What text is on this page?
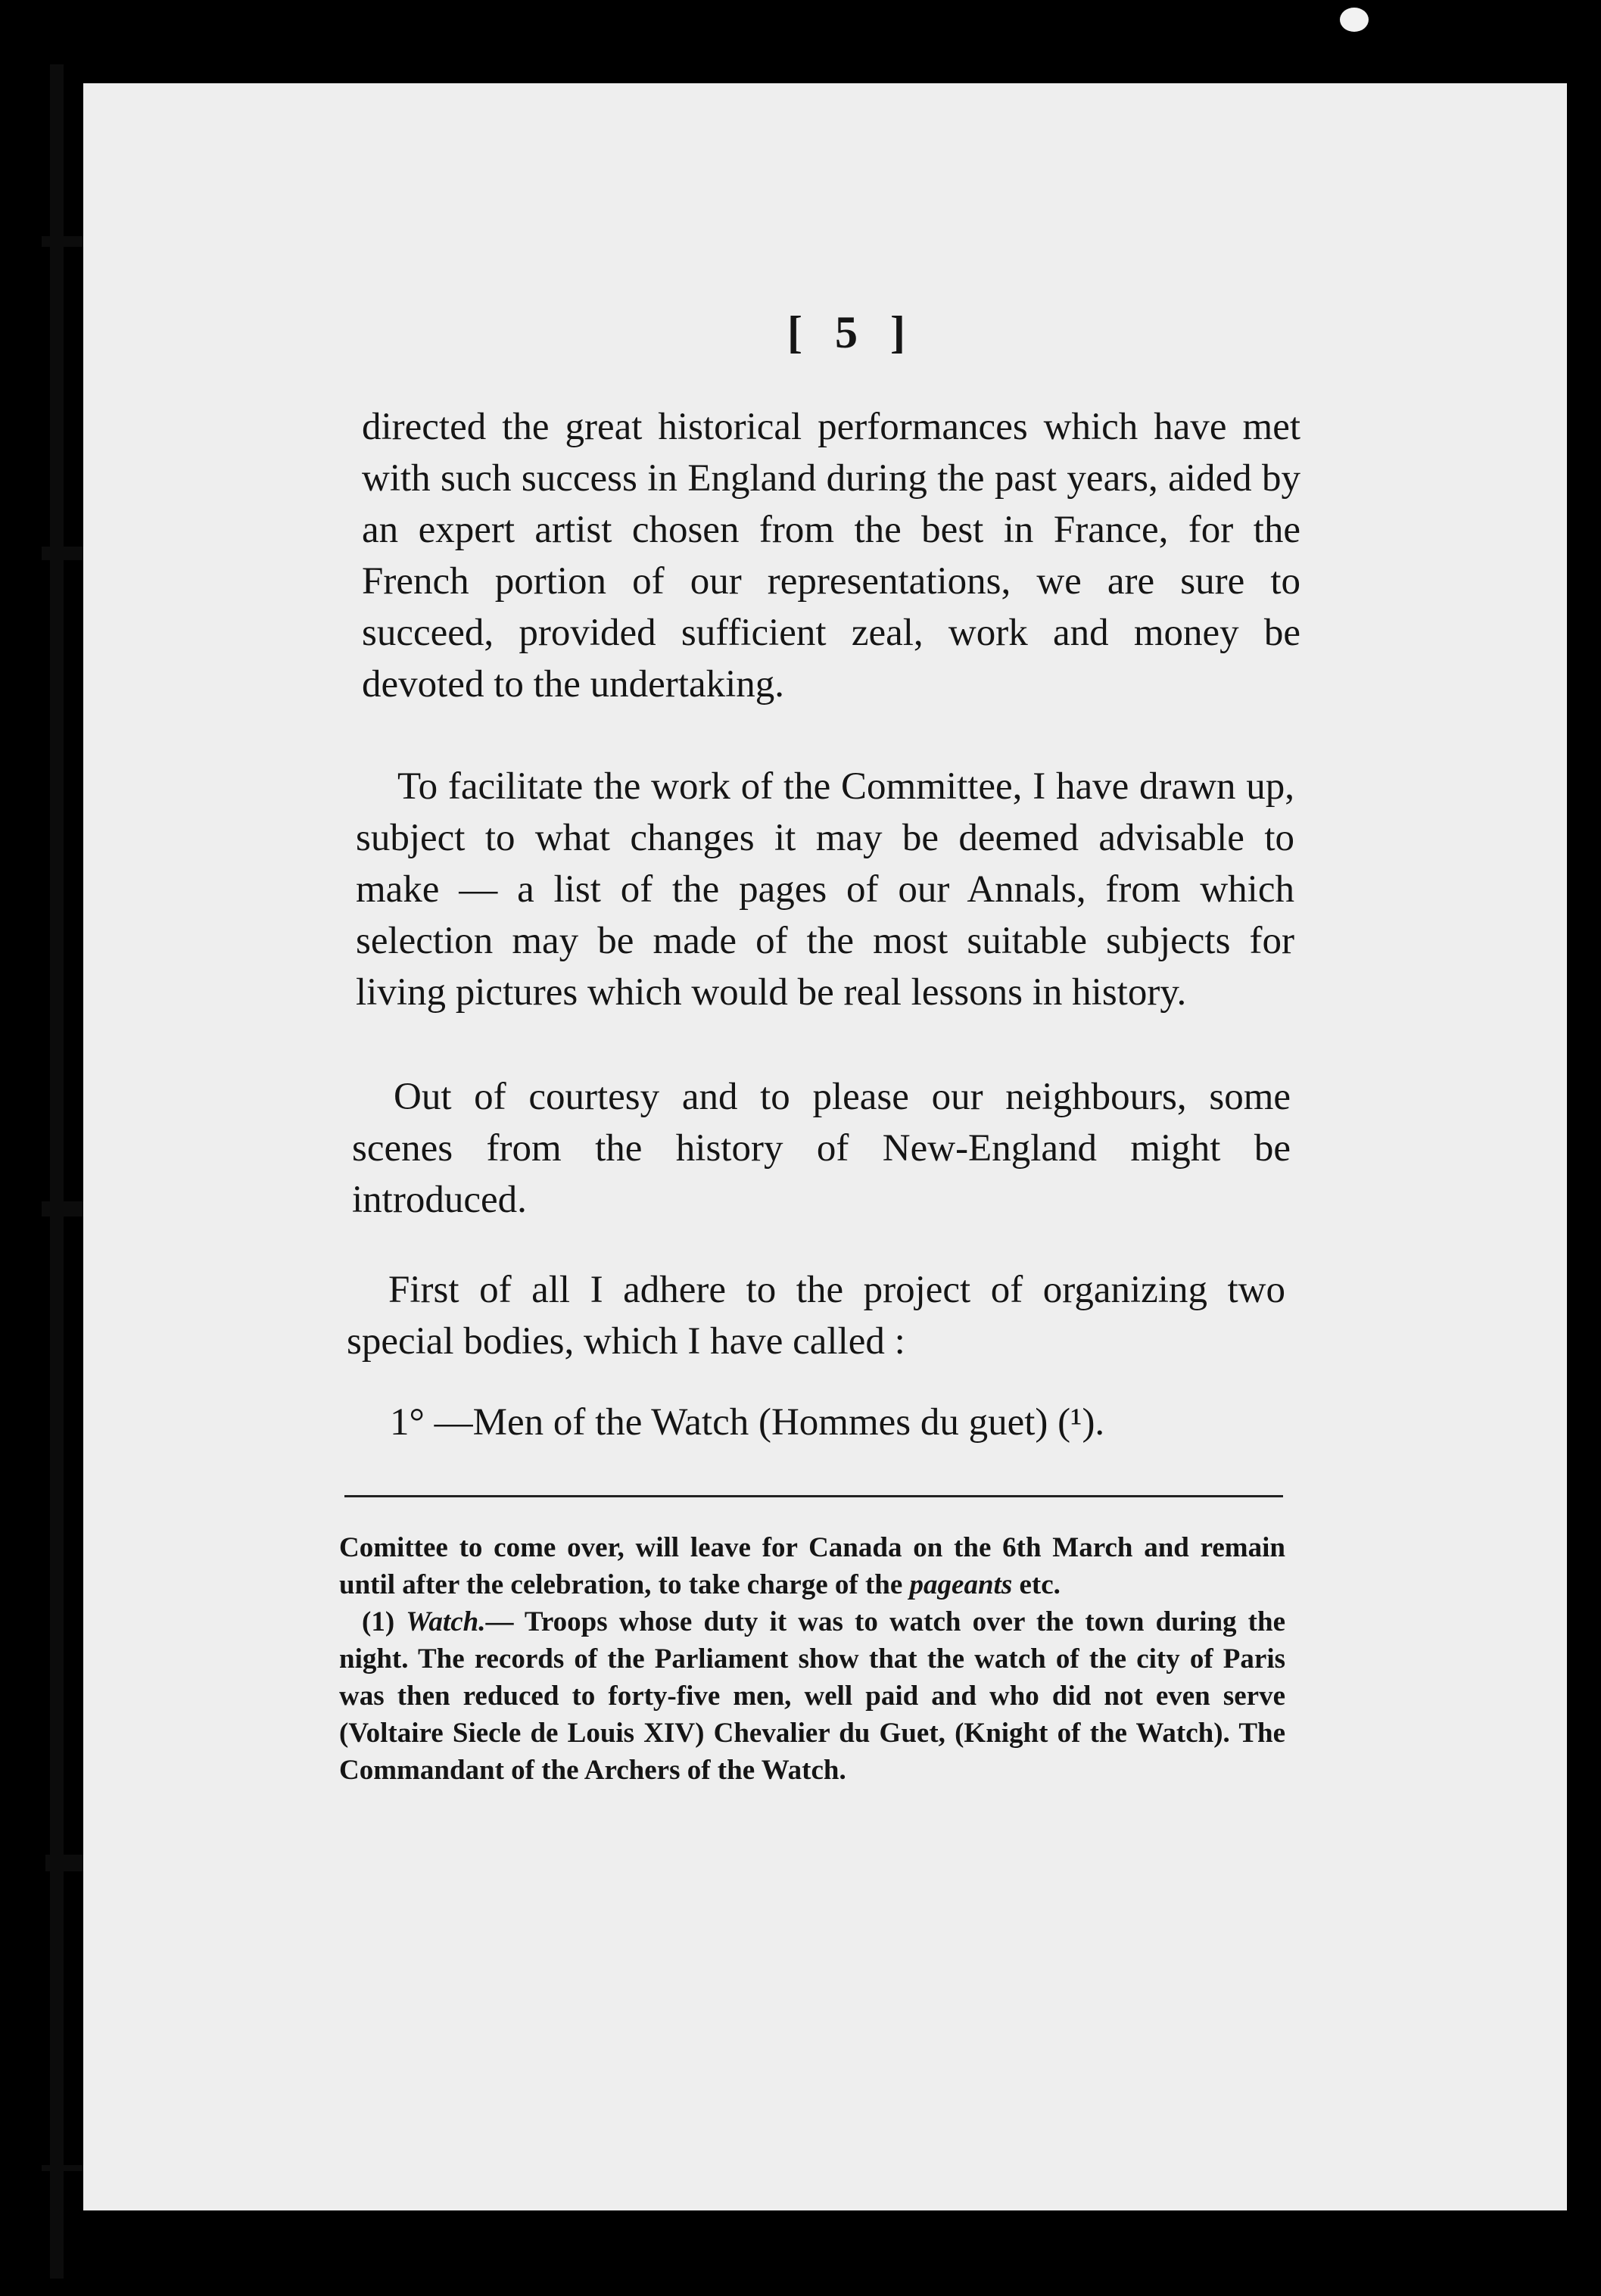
[ 5 ]

directed the great historical performances which have met with such success in England during the past years, aided by an expert artist chosen from the best in France, for the French portion of our representations, we are sure to succeed, provided sufficient zeal, work and money be devoted to the undertaking.

To facilitate the work of the Committee, I have drawn up, subject to what changes it may be deemed advisable to make — a list of the pages of our Annals, from which selection may be made of the most suitable subjects for living pictures which would be real lessons in history.

Out of courtesy and to please our neighbours, some scenes from the history of New-England might be introduced.

First of all I adhere to the project of organizing two special bodies, which I have called :

1° —Men of the Watch (Hommes du guet) (¹).

Comittee to come over, will leave for Canada on the 6th March and remain until after the celebration, to take charge of the pageants etc.

(1) Watch.— Troops whose duty it was to watch over the town during the night. The records of the Parliament show that the watch of the city of Paris was then reduced to forty-five men, well paid and who did not even serve (Voltaire Siecle de Louis XIV) Chevalier du Guet, (Knight of the Watch). The Commandant of the Archers of the Watch.
